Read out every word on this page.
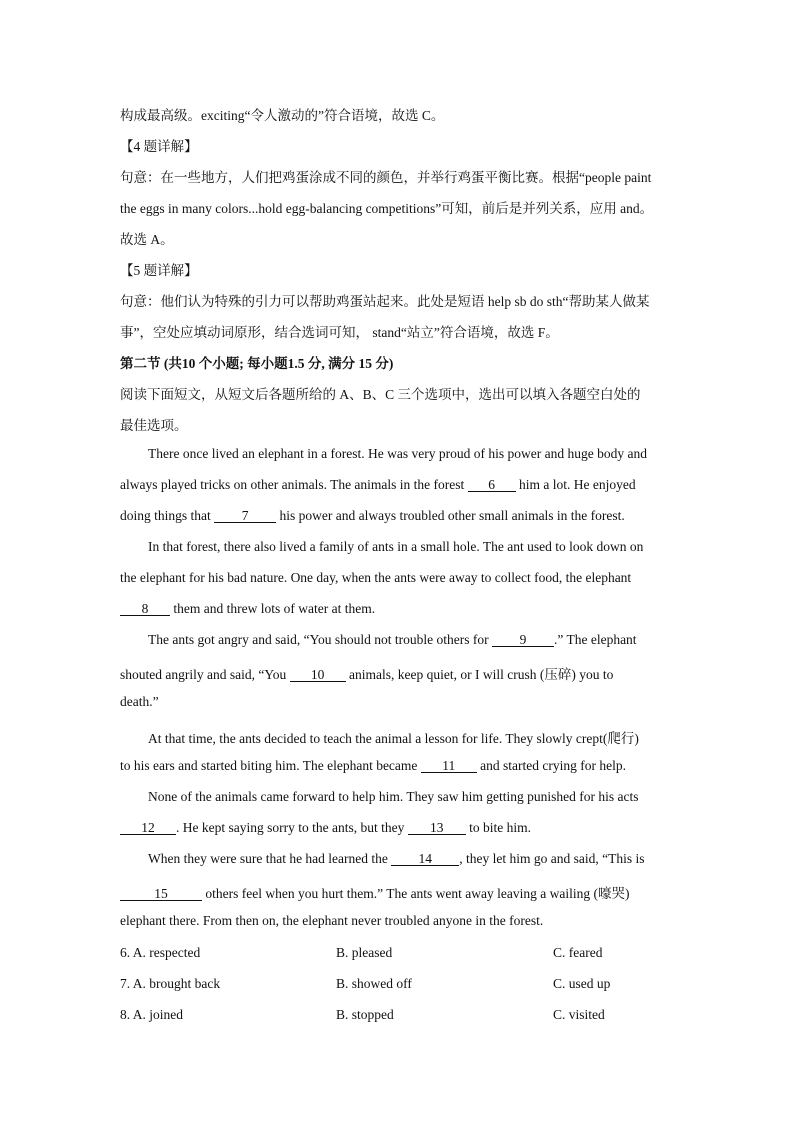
构成最高级。exciting“令人激动的”符合语境，故选 C。
【4 题详解】
句意：在一些地方，人们把鸡蛋涂成不同的颜色，并举行鸡蛋平衡比赛。根据“people paint
the eggs in many colors...hold egg-balancing competitions”可知，前后是并列关系，应用 and。
故选 A。
【5 题详解】
句意：他们认为特殊的引力可以帮助鸡蛋站起来。此处是短语 help sb do sth“帮助某人做某
事”，空处应填动词原形，结合选词可知， stand“站立”符合语境，故选 F。
第二节 (共10 个小题; 每小题1.5 分, 满分 15 分)
阅读下面短文，从短文后各题所给的 A、B、C 三个选项中，选出可以填入各题空白处的
最佳选项。
There once lived an elephant in a forest. He was very proud of his power and huge body and
always played tricks on other animals. The animals in the forest 6 him a lot. He enjoyed
doing things that 7 his power and always troubled other small animals in the forest.
In that forest, there also lived a family of ants in a small hole. The ant used to look down on
the elephant for his bad nature. One day, when the ants were away to collect food, the elephant
8 them and threw lots of water at them.
The ants got angry and said, “You should not trouble others for 9 .” The elephant
shouted angrily and said, “You 10 animals, keep quiet, or I will crush (压碎) you to
death.”
At that time, the ants decided to teach the animal a lesson for life. They slowly crept(爬行)
to his ears and started biting him. The elephant became 11 and started crying for help.
None of the animals came forward to help him. They saw him getting punished for his acts
12 . He kept saying sorry to the ants, but they 13 to bite him.
When they were sure that he had learned the 14 , they let him go and said, “This is
15	others feel when you hurt them.” The ants went away leaving a wailing (嚎哭)
elephant there. From then on, the elephant never troubled anyone in the forest.
6. A. respected	B. pleased	C. feared
7. A. brought back	B. showed off	C. used up
8. A. joined	B. stopped	C. visited
